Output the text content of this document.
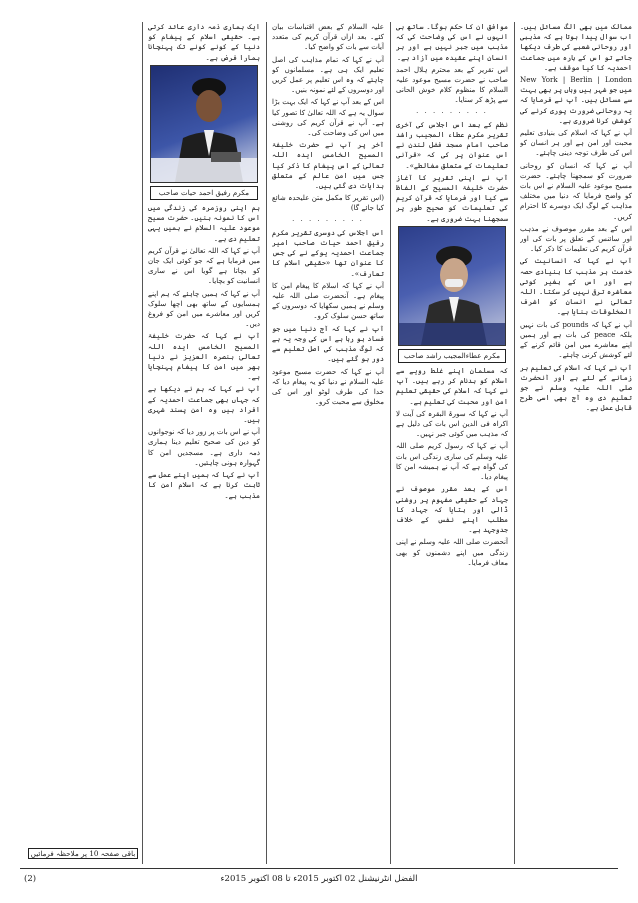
ممالک میں بھی الگ مسائل ہیں۔ اب سوال پیدا ہوتا ہے کہ مذہبی اور روحانی شعبے کی طرف دیکھا جائے تو اس کے بارہ میں جماعت احمدیہ کا کیا موقف ہے۔

New York | Berlin | London میں جو شہر ہیں وہاں پر بھی بہت سے مسائل ہیں۔ آپ نے فرمایا کہ یہ روحانی ضرورت پوری کرنے کی کوشش کرنا ضروری ہے۔

آپ نے کہا کہ اسلام کی بنیادی تعلیم محبت اور امن ہے اور ہر انسان کو اس کی طرف توجہ دینی چاہئے۔

آپ نے کہا کہ انسان کو روحانی ضرورت کو سمجھنا چاہئے۔ حضرت مسیح موعود علیہ السلام نے اس بات کو واضح فرمایا کہ دنیا میں مختلف مذاہب کے لوگ ایک دوسرے کا احترام کریں۔

اس کے بعد مقرر موصوف نے مذہب اور سائنس کے تعلق پر بات کی اور قرآن کریم کی تعلیمات کا ذکر کیا۔

آپ نے کہا کہ انسانیت کی خدمت ہر مذہب کا بنیادی حصہ ہے اور اس کے بغیر کوئی معاشرہ ترقی نہیں کر سکتا۔ اللہ تعالیٰ نے انسان کو اشرف المخلوقات بنایا ہے۔

آپ نے کہا کہ pounds کی بات نہیں بلکہ peace کی بات ہے اور ہمیں اپنے معاشرے میں امن قائم کرنے کے لئے کوشش کرنی چاہئے۔

آپ نے کہا کہ اسلام کی تعلیم ہر زمانے کے لئے ہے اور آنحضرت صلی اللہ علیہ وسلم نے جو تعلیم دی وہ آج بھی اسی طرح قابل عمل ہے۔

موافق ان کا حکم ہوگا۔ ساتھ ہی انہوں نے اس کی وضاحت کی کہ مذہب میں جبر نہیں ہے اور ہر انسان اپنے عقیدہ میں آزاد ہے۔

اس تقریر کے بعد محترم ہلال احمد صاحب نے حضرت مسیح موعود علیہ السلام کا منظوم کلام خوش الحانی سے پڑھ کر سنایا۔

· · · · · · · · ·

نظم کے بعد اس اجلاس کی آخری تقریر مکرم عطاء المجیب راشد صاحب امام مسجد فضل لندن نے اس عنوان پر کی کہ «قرآنی تعلیمات کے متعلق مغالطے»۔

آپ نے اپنی تقریر کا آغاز حضرت خلیفۃ المسیح کے الفاظ سے کیا اور فرمایا کہ قرآن کریم کی تعلیمات کو صحیح طور پر سمجھنا بہت ضروری ہے۔

مکرم عطاءالمجیب راشد صاحب

کہ مسلمان اپنے غلط رویے سے اسلام کو بدنام کر رہے ہیں۔ آپ نے کہا کہ اسلام کی حقیقی تعلیم امن اور محبت کی تعلیم ہے۔

آپ نے کہا کہ سورۃ البقرہ کی آیت لا اکراہ فی الدین اس بات کی دلیل ہے کہ مذہب میں کوئی جبر نہیں۔

آپ نے کہا کہ رسول کریم صلی اللہ علیہ وسلم کی ساری زندگی اس بات کی گواہ ہے کہ آپ نے ہمیشہ امن کا پیغام دیا۔

اس کے بعد مقرر موصوف نے جہاد کے حقیقی مفہوم پر روشنی ڈالی اور بتایا کہ جہاد کا مطلب اپنے نفس کے خلاف جدوجہد ہے۔

آنحضرت صلی اللہ علیہ وسلم نے اپنی زندگی میں اپنے دشمنوں کو بھی معاف فرمایا۔

علیہ السلام کے بعض اقتباسات بیان کئے۔ بعد ازاں قرآن کریم کی متعدد آیات سے بات کو واضح کیا۔

آپ نے کہا کہ تمام مذاہب کی اصل تعلیم ایک ہی ہے۔ مسلمانوں کو چاہئے کہ وہ اس تعلیم پر عمل کریں اور دوسروں کے لئے نمونہ بنیں۔

اس کے بعد آپ نے کہا کہ ایک بہت بڑا سوال یہ ہے کہ اللہ تعالیٰ کا تصور کیا ہے۔ آپ نے قرآن کریم کی روشنی میں اس کی وضاحت کی۔

آخر پر آپ نے حضرت خلیفۃ المسیح الخامس ایدہ اللہ تعالیٰ کے اس پیغام کا ذکر کیا جس میں امن عالم کے متعلق ہدایات دی گئی ہیں۔

(اس تقریر کا مکمل متن علیحدہ شائع کیا جائے گا)

· · · · · · · · ·

اس اجلاس کی دوسری تقریر مکرم رفیق احمد حیات صاحب امیر جماعت احمدیہ یوکے نے کی جس کا عنوان تھا «حقیقی اسلام کا تعارف»۔

آپ نے کہا کہ اسلام کا پیغام امن کا پیغام ہے۔ آنحضرت صلی اللہ علیہ وسلم نے ہمیں سکھایا کہ دوسروں کے ساتھ حسن سلوک کرو۔

آپ نے کہا کہ آج دنیا میں جو فساد ہو رہا ہے اس کی وجہ یہ ہے کہ لوگ مذہب کی اصل تعلیم سے دور ہو گئے ہیں۔

آپ نے کہا کہ حضرت مسیح موعود علیہ السلام نے دنیا کو یہ پیغام دیا کہ خدا کی طرف لوٹو اور اس کی مخلوق سے محبت کرو۔

ایک ہماری ذمہ داری عائد کرتی ہے۔ حقیقی اسلام کے پیغام کو دنیا کے کونے کونے تک پہنچانا ہمارا فرض ہے۔

مکرم رفیق احمد حیات صاحب

ہم اپنی روزمرہ کی زندگی میں اس کا نمونہ بنیں۔ حضرت مسیح موعود علیہ السلام نے ہمیں یہی تعلیم دی ہے۔

آپ نے کہا کہ اللہ تعالیٰ نے قرآن کریم میں فرمایا ہے کہ جو کوئی ایک جان کو بچاتا ہے گویا اس نے ساری انسانیت کو بچایا۔

آپ نے کہا کہ ہمیں چاہئے کہ ہم اپنے ہمسایوں کے ساتھ بھی اچھا سلوک کریں اور معاشرے میں امن کو فروغ دیں۔

آپ نے کہا کہ حضرت خلیفۃ المسیح الخامس ایدہ اللہ تعالیٰ بنصرہ العزیز نے دنیا بھر میں امن کا پیغام پہنچایا ہے۔

آپ نے کہا کہ ہم نے دیکھا ہے کہ جہاں بھی جماعت احمدیہ کے افراد ہیں وہ امن پسند شہری ہیں۔

آپ نے اس بات پر زور دیا کہ نوجوانوں کو دین کی صحیح تعلیم دینا ہماری ذمہ داری ہے۔ مسجدیں امن کا گہوارہ ہونی چاہئیں۔

آپ نے کہا کہ ہمیں اپنے عمل سے ثابت کرنا ہے کہ اسلام امن کا مذہب ہے۔

باقی صفحہ 10 پر ملاحظہ فرمائیں
(2)	الفضل انٹرنیشنل 02 اکتوبر 2015ء تا 08 اکتوبر 2015ء
